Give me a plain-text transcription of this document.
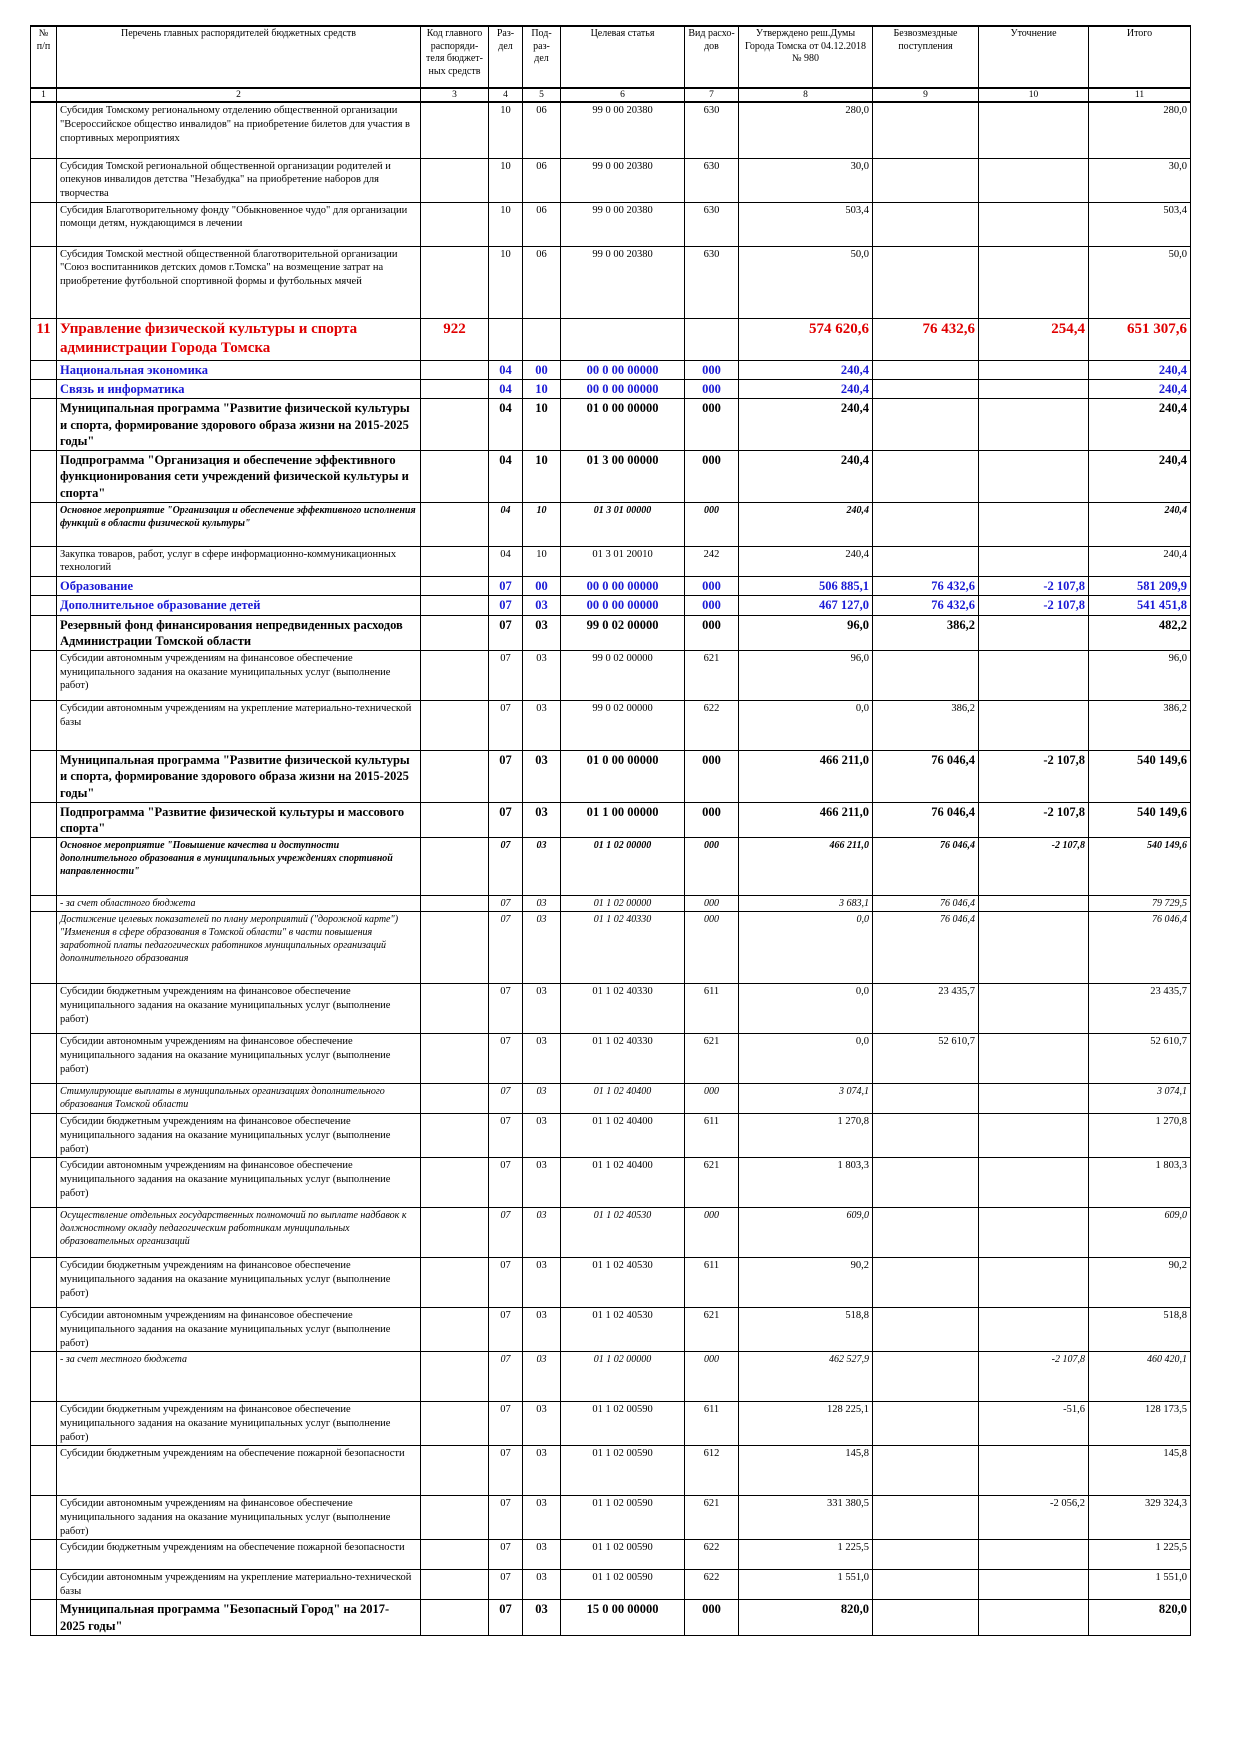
№ п/п	Перечень главных распорядителей бюджетных средств	Код главного распоряди-теля бюджет-ных средств	Раз-дел	Под-раз-дел	Целевая статья	Вид расхо-дов	Утверждено реш.Думы Города Томска от 04.12.2018 № 980	Безвозмездные поступления	Уточнение	Итого
1	2	3	4	5	6	7	8	9	10	11
	Субсидия Томскому региональному отделению общественной организации "Всероссийское общество инвалидов" на приобретение билетов для участия в спортивных мероприятиях		10	06	99 0 00 20380	630	280,0			280,0
	Субсидия Томской региональной общественной организации родителей и опекунов инвалидов детства "Незабудка" на приобретение наборов для творчества		10	06	99 0 00 20380	630	30,0			30,0
	Субсидия Благотворительному фонду "Обыкновенное чудо" для организации помощи детям, нуждающимся в лечении		10	06	99 0 00 20380	630	503,4			503,4
	Субсидия Томской местной общественной благотворительной организации "Союз воспитанников детских домов г.Томска" на возмещение затрат на приобретение футбольной спортивной формы и футбольных мячей		10	06	99 0 00 20380	630	50,0			50,0
11	Управление физической культуры и спорта администрации Города Томска	922					574 620,6	76 432,6	254,4	651 307,6
	Национальная экономика		04	00	00 0 00 00000	000	240,4			240,4
	Связь и информатика		04	10	00 0 00 00000	000	240,4			240,4
	Муниципальная программа "Развитие физической культуры и спорта, формирование здорового образа жизни на 2015-2025 годы"		04	10	01 0 00 00000	000	240,4			240,4
	Подпрограмма "Организация и обеспечение эффективного функционирования сети учреждений физической культуры и спорта"		04	10	01 3 00 00000	000	240,4			240,4
	Основное мероприятие "Организация и обеспечение эффективного исполнения функций в области физической культуры"		04	10	01 3 01 00000	000	240,4			240,4
	Закупка товаров, работ, услуг в сфере информационно-коммуникационных технологий		04	10	01 3 01 20010	242	240,4			240,4
	Образование		07	00	00 0 00 00000	000	506 885,1	76 432,6	-2 107,8	581 209,9
	Дополнительное образование детей		07	03	00 0 00 00000	000	467 127,0	76 432,6	-2 107,8	541 451,8
	Резервный фонд финансирования непредвиденных расходов Администрации Томской области		07	03	99 0 02 00000	000	96,0	386,2		482,2
	Субсидии автономным учреждениям на финансовое обеспечение муниципального задания на оказание муниципальных услуг (выполнение работ)		07	03	99 0 02 00000	621	96,0			96,0
	Субсидии автономным учреждениям на укрепление материально-технической базы		07	03	99 0 02 00000	622	0,0	386,2		386,2
	Муниципальная программа "Развитие физической культуры и спорта, формирование здорового образа жизни на 2015-2025 годы"		07	03	01 0 00 00000	000	466 211,0	76 046,4	-2 107,8	540 149,6
	Подпрограмма "Развитие физической культуры и массового спорта"		07	03	01 1 00 00000	000	466 211,0	76 046,4	-2 107,8	540 149,6
	Основное мероприятие "Повышение качества и доступности дополнительного образования в муниципальных учреждениях спортивной направленности"		07	03	01 1 02 00000	000	466 211,0	76 046,4	-2 107,8	540 149,6
	- за счет областного бюджета		07	03	01 1 02 00000	000	3 683,1	76 046,4		79 729,5
	Достижение целевых показателей по плану мероприятий ("дорожной карте") "Изменения в сфере образования в Томской области" в части повышения заработной платы педагогических работников муниципальных организаций дополнительного образования		07	03	01 1 02 40330	000	0,0	76 046,4		76 046,4
	Субсидии бюджетным учреждениям на финансовое обеспечение муниципального задания на оказание муниципальных услуг (выполнение работ)		07	03	01 1 02 40330	611	0,0	23 435,7		23 435,7
	Субсидии автономным учреждениям на финансовое обеспечение муниципального задания на оказание муниципальных услуг (выполнение работ)		07	03	01 1 02 40330	621	0,0	52 610,7		52 610,7
	Стимулирующие выплаты в муниципальных организациях дополнительного образования Томской области		07	03	01 1 02 40400	000	3 074,1			3 074,1
	Субсидии бюджетным учреждениям на финансовое обеспечение муниципального задания на оказание муниципальных услуг (выполнение работ)		07	03	01 1 02 40400	611	1 270,8			1 270,8
	Субсидии автономным учреждениям на финансовое обеспечение муниципального задания на оказание муниципальных услуг (выполнение работ)		07	03	01 1 02 40400	621	1 803,3			1 803,3
	Осуществление отдельных государственных полномочий по выплате надбавок к должностному окладу педагогическим работникам муниципальных образовательных организаций		07	03	01 1 02 40530	000	609,0			609,0
	Субсидии бюджетным учреждениям на финансовое обеспечение муниципального задания на оказание муниципальных услуг (выполнение работ)		07	03	01 1 02 40530	611	90,2			90,2
	Субсидии автономным учреждениям на финансовое обеспечение муниципального задания на оказание муниципальных услуг (выполнение работ)		07	03	01 1 02 40530	621	518,8			518,8
	- за счет местного бюджета		07	03	01 1 02 00000	000	462 527,9		-2 107,8	460 420,1
	Субсидии бюджетным учреждениям на финансовое обеспечение муниципального задания на оказание муниципальных услуг (выполнение работ)		07	03	01 1 02 00590	611	128 225,1		-51,6	128 173,5
	Субсидии бюджетным учреждениям на обеспечение пожарной безопасности		07	03	01 1 02 00590	612	145,8			145,8
	Субсидии автономным учреждениям на финансовое обеспечение муниципального задания на оказание муниципальных услуг (выполнение работ)		07	03	01 1 02 00590	621	331 380,5		-2 056,2	329 324,3
	Субсидии бюджетным учреждениям на обеспечение пожарной безопасности		07	03	01 1 02 00590	622	1 225,5			1 225,5
	Субсидии автономным учреждениям на укрепление материально-технической базы		07	03	01 1 02 00590	622	1 551,0			1 551,0
	Муниципальная программа "Безопасный Город" на 2017- 2025 годы"		07	03	15 0 00 00000	000	820,0			820,0
